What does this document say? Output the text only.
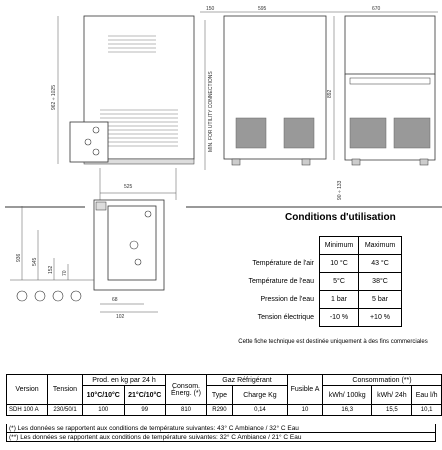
150	595	670
962 ÷ 1025	MIN. FOR UTILITY CONNECTIONS	892
90 ÷ 133
525
936 545
152 70
68
102
Conditions d'utilisation
	Minimum	Maximum
Température de l'air	10 °C	43 °C
Température de l'eau	5°C	38°C
Pression de l'eau	1 bar	5 bar
Tension électrique	-10 %	+10 %
Cette fiche technique est destinée uniquement à des fins commerciales
Version	Tension	Prod. en kg par 24 h		Consom. Énerg. (*)	Gaz Réfrigérant		Fusible A	Consommation (**)		
		10°C/10°C	21°C/10°C		Type	Charge Kg		kWh/ 100kg	kWh/ 24h	Eau l/h
SDH 100 A	230/50/1	100	99	810	R290	0,14	10	16,3	15,5	10,1
(*) Les données se rapportent aux conditions de température suivantes: 43° C Ambiance / 32° C Eau
(**) Les données se rapportent aux conditions de température suivantes: 32° C Ambiance / 21° C Eau
